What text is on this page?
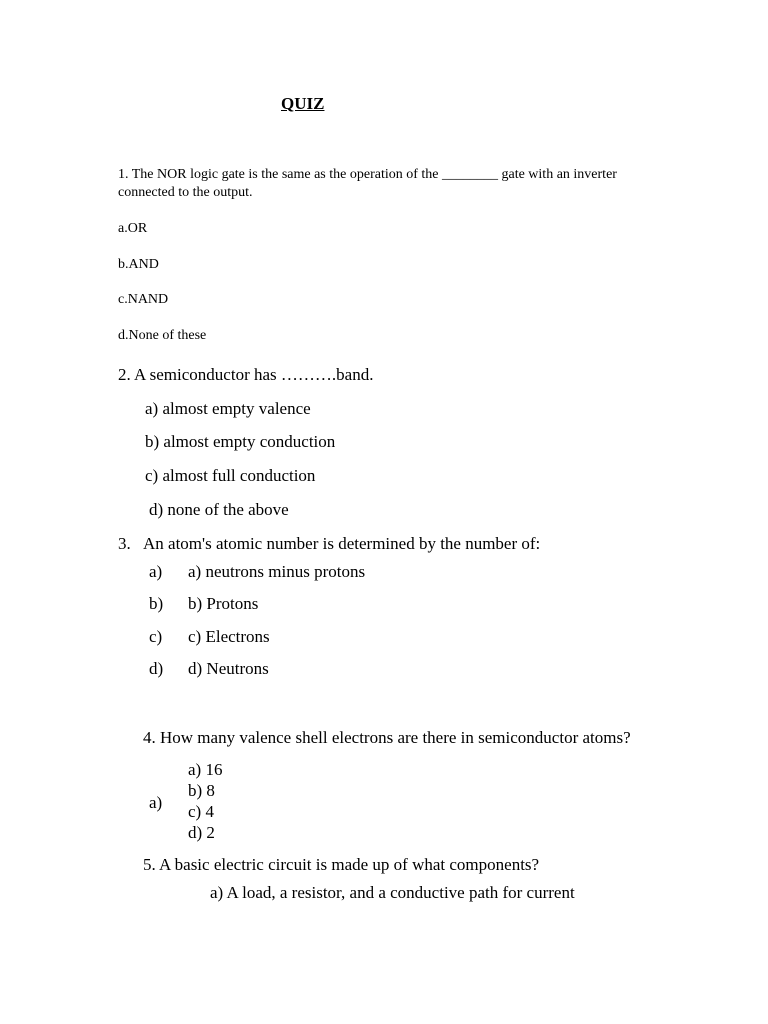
QUIZ
1. The NOR logic gate is the same as the operation of the ________ gate with an inverter
connected to the output.
a.OR
b.AND
c.NAND
d.None of these
2. A semiconductor has ……….band.
a) almost empty valence
b) almost empty conduction
c) almost full conduction
d) none of the above
3. An atom's atomic number is determined by the number of:
a) a) neutrons minus protons
b) b) Protons
c) c) Electrons
d) d) Neutrons
4. How many valence shell electrons are there in semiconductor atoms?
a)
a) 16
b) 8
c) 4
d) 2
5. A basic electric circuit is made up of what components?
a) A load, a resistor, and a conductive path for current
